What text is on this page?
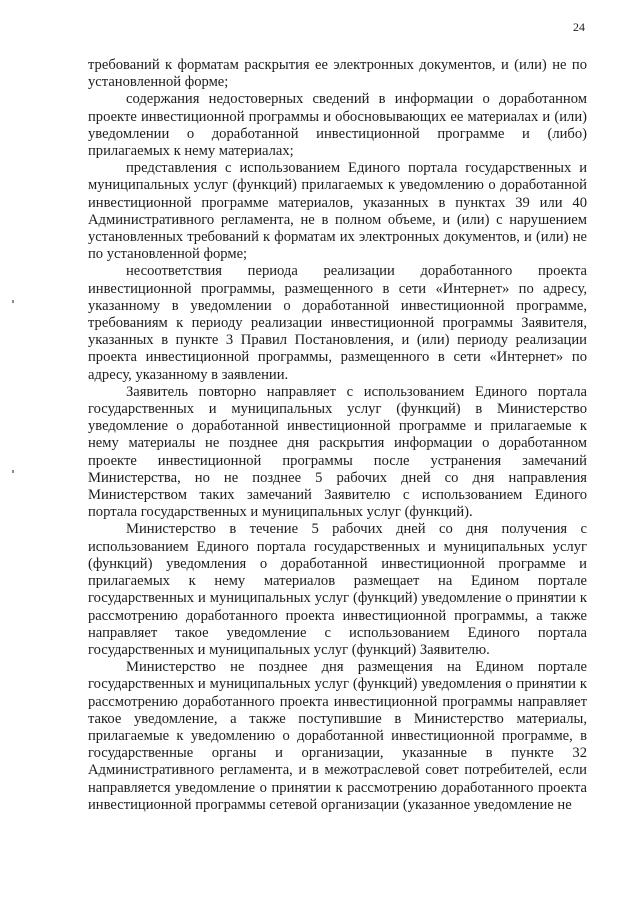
24

требований к форматам раскрытия ее электронных документов, и (или) не по установленной форме;

содержания недостоверных сведений в информации о доработанном проекте инвестиционной программы и обосновывающих ее материалах и (или) уведомлении о доработанной инвестиционной программе и (либо) прилагаемых к нему материалах;

представления с использованием Единого портала государственных и муниципальных услуг (функций) прилагаемых к уведомлению о доработанной инвестиционной программе материалов, указанных в пунктах 39 или 40 Административного регламента, не в полном объеме, и (или) с нарушением установленных требований к форматам их электронных документов, и (или) не по установленной форме;

несоответствия периода реализации доработанного проекта инвестиционной программы, размещенного в сети «Интернет» по адресу, указанному в уведомлении о доработанной инвестиционной программе, требованиям к периоду реализации инвестиционной программы Заявителя, указанных в пункте 3 Правил Постановления, и (или) периоду реализации проекта инвестиционной программы, размещенного в сети «Интернет» по адресу, указанному в заявлении.

Заявитель повторно направляет с использованием Единого портала государственных и муниципальных услуг (функций) в Министерство уведомление о доработанной инвестиционной программе и прилагаемые к нему материалы не позднее дня раскрытия информации о доработанном проекте инвестиционной программы после устранения замечаний Министерства, но не позднее 5 рабочих дней со дня направления Министерством таких замечаний Заявителю с использованием Единого портала государственных и муниципальных услуг (функций).

Министерство в течение 5 рабочих дней со дня получения с использованием Единого портала государственных и муниципальных услуг (функций) уведомления о доработанной инвестиционной программе и прилагаемых к нему материалов размещает на Едином портале государственных и муниципальных услуг (функций) уведомление о принятии к рассмотрению доработанного проекта инвестиционной программы, а также направляет такое уведомление с использованием Единого портала государственных и муниципальных услуг (функций) Заявителю.

Министерство не позднее дня размещения на Едином портале государственных и муниципальных услуг (функций) уведомления о принятии к рассмотрению доработанного проекта инвестиционной программы направляет такое уведомление, а также поступившие в Министерство материалы, прилагаемые к уведомлению о доработанной инвестиционной программе, в государственные органы и организации, указанные в пункте 32 Административного регламента, и в межотраслевой совет потребителей, если направляется уведомление о принятии к рассмотрению доработанного проекта инвестиционной программы сетевой организации (указанное уведомление не
